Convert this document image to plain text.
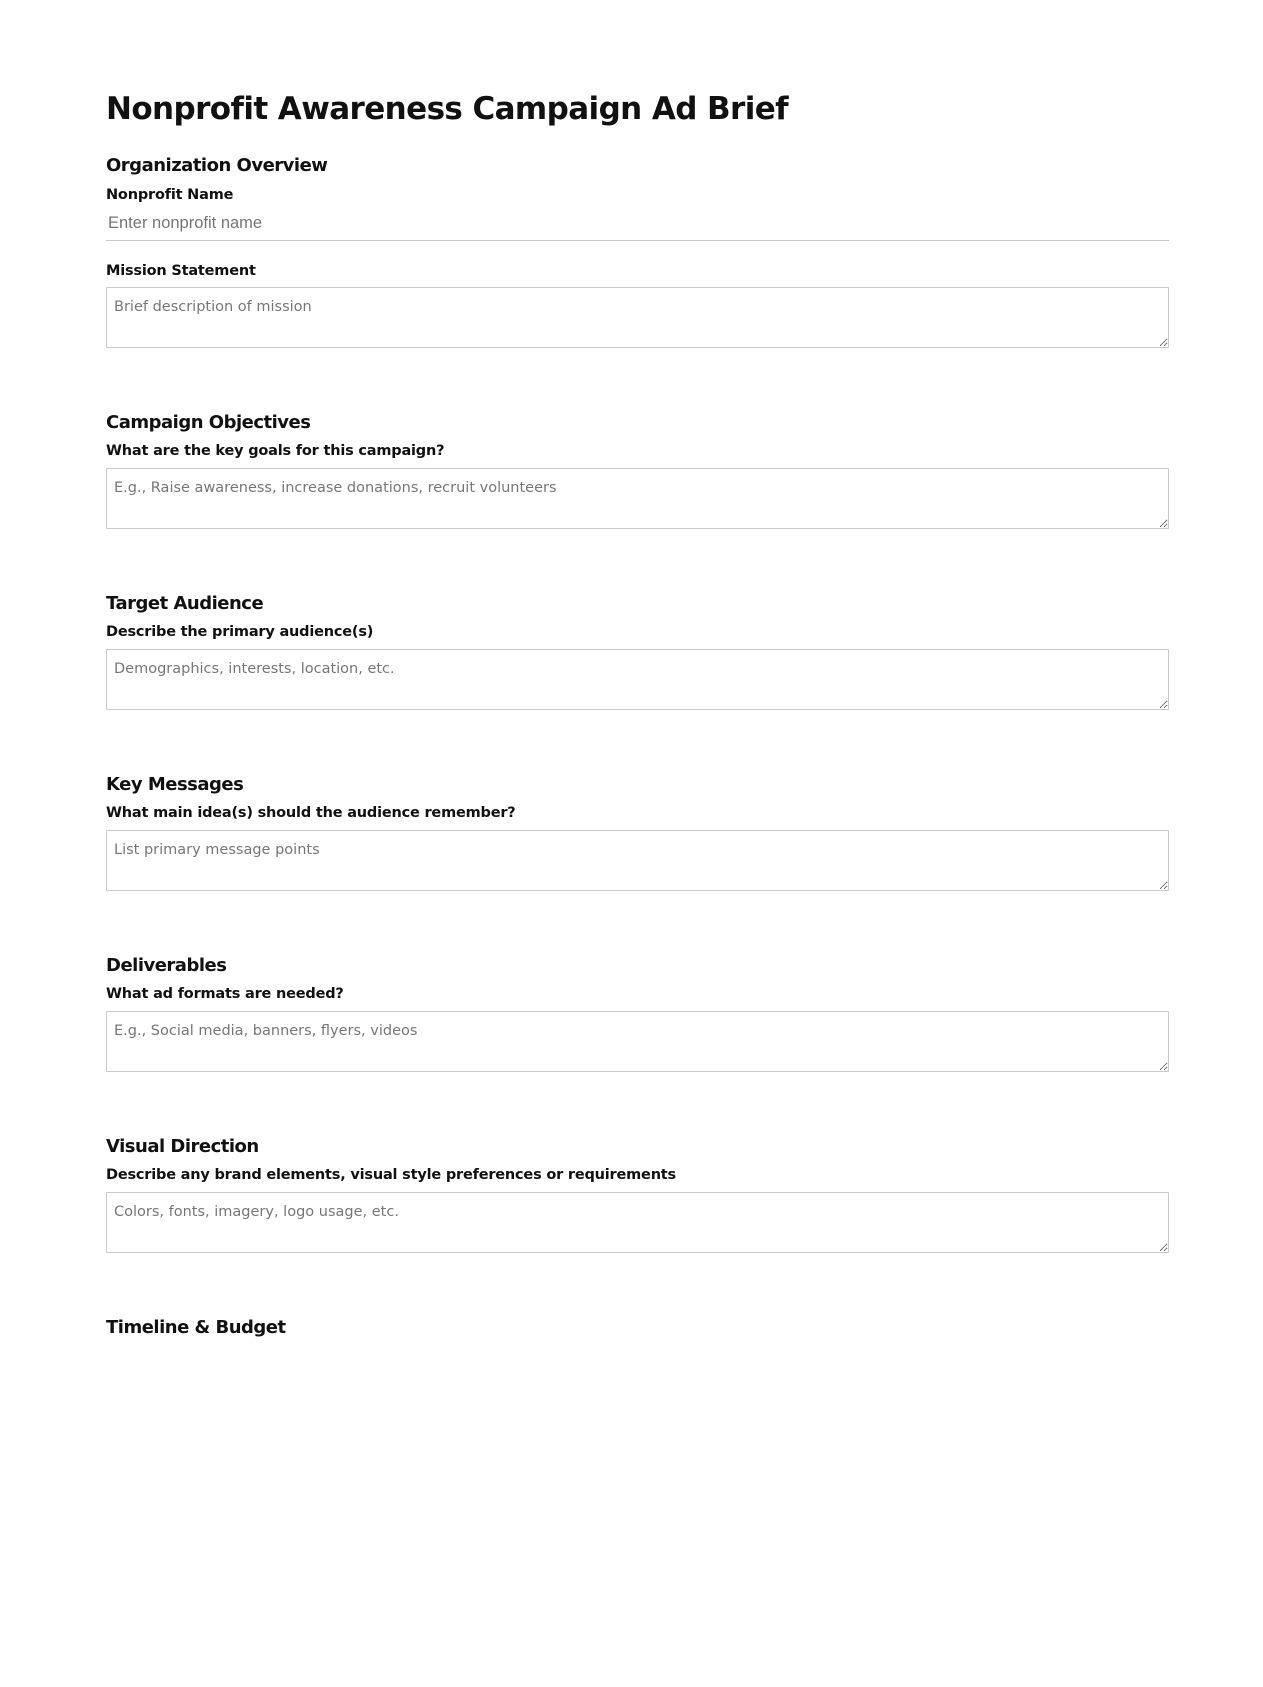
Nonprofit Awareness Campaign Ad Brief
Organization Overview
Nonprofit Name
Enter nonprofit name
Mission Statement
Brief description of mission
Campaign Objectives
What are the key goals for this campaign?
E.g., Raise awareness, increase donations, recruit volunteers
Target Audience
Describe the primary audience(s)
Demographics, interests, location, etc.
Key Messages
What main idea(s) should the audience remember?
List primary message points
Deliverables
What ad formats are needed?
E.g., Social media, banners, flyers, videos
Visual Direction
Describe any brand elements, visual style preferences or requirements
Colors, fonts, imagery, logo usage, etc.
Timeline & Budget
